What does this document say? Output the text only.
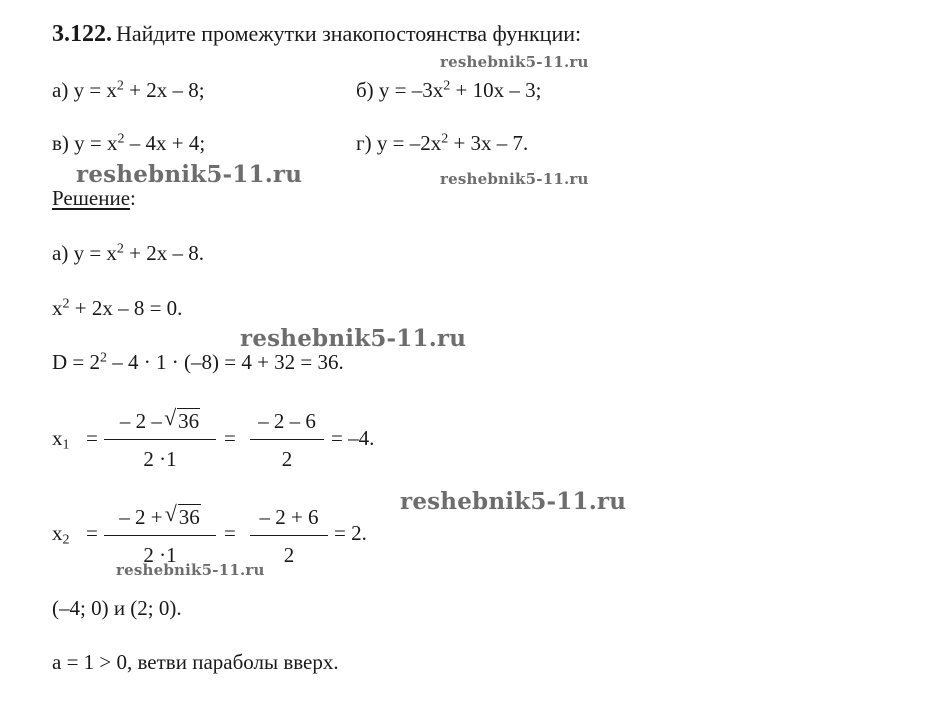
3.122. Найдите промежутки знакопостоянства функции:
reshebnik5-11.ru
а) $y = x^2 + 2x - 8$;	б) $y = -3x^2 + 10x - 3$;
в) $y = x^2 - 4x + 4$;	г) $y = -2x^2 + 3x - 7$.
reshebnik5-11.ru	reshebnik5-11.ru
Решение:
а) $y = x^2 + 2x - 8$.
$x^2 + 2x - 8 = 0$.
reshebnik5-11.ru
$D = 2^2 - 4 \cdot 1 \cdot (-8) = 4 + 32 = 36$.
$x_1$ =
– 2 – √ 36
2 ·1
=
– 2 – 6
2
= –4.
reshebnik5-11.ru
$x_2$ =
– 2 + √ 36
2 ·1
=
– 2 + 6
2
= 2.
reshebnik5-11.ru
(–4; 0) и (2; 0).
a = 1 > 0, ветви параболы вверх.
